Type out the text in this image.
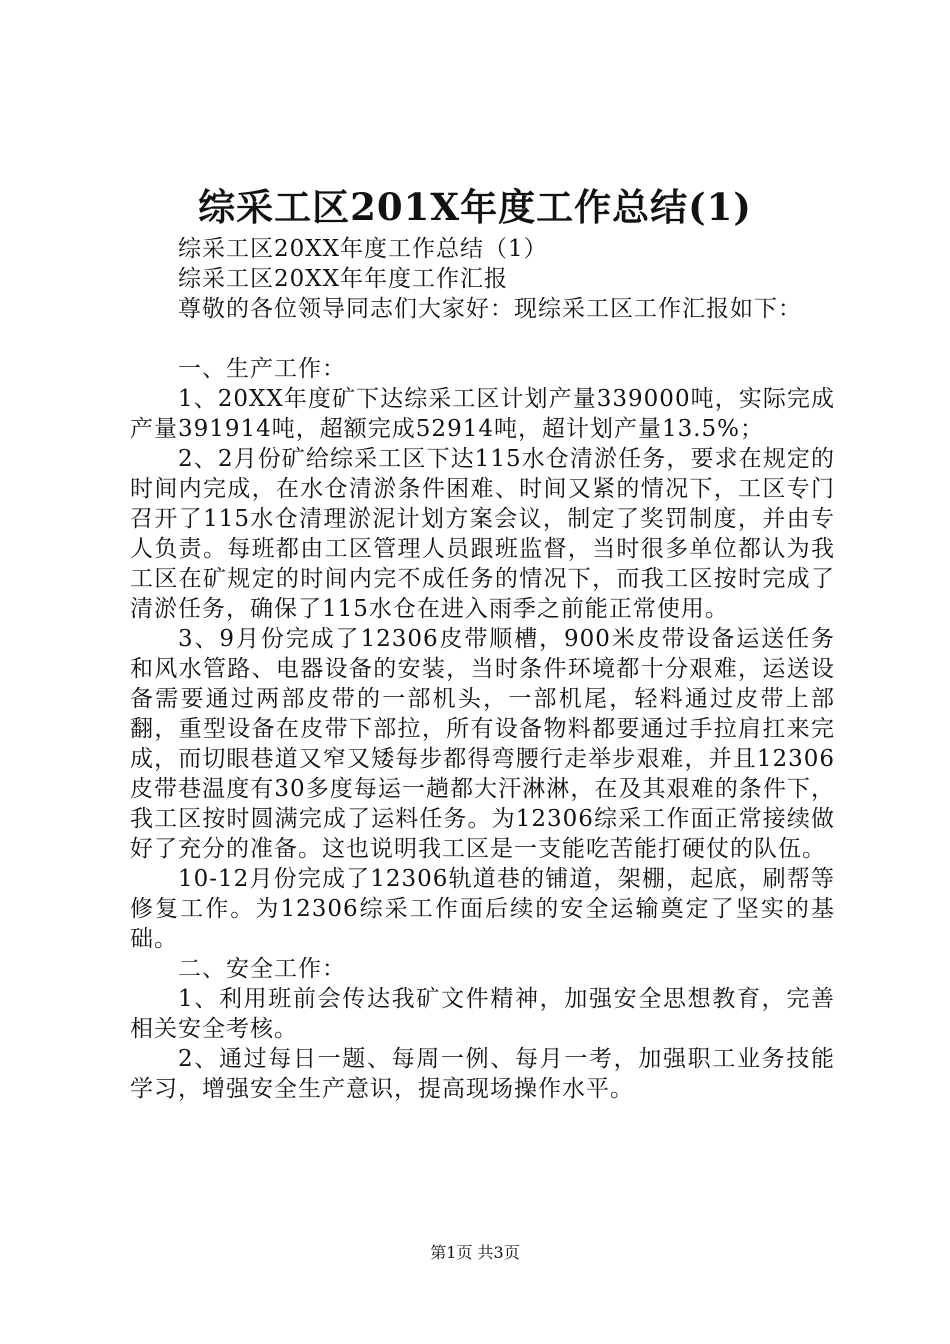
综采工区201X年度工作总结(1)

综采工区20XX年度工作总结（1）

综采工区20XX年年度工作汇报

尊敬的各位领导同志们大家好：现综采工区工作汇报如下：

一、生产工作：

1、20XX年度矿下达综采工区计划产量339000吨，实际完成产量391914吨，超额完成52914吨，超计划产量13.5%；

2、2月份矿给综采工区下达115水仓清淤任务，要求在规定的时间内完成，在水仓清淤条件困难、时间又紧的情况下，工区专门召开了115水仓清理淤泥计划方案会议，制定了奖罚制度，并由专人负责。每班都由工区管理人员跟班监督，当时很多单位都认为我工区在矿规定的时间内完不成任务的情况下，而我工区按时完成了清淤任务，确保了115水仓在进入雨季之前能正常使用。

3、9月份完成了12306皮带顺槽，900米皮带设备运送任务和风水管路、电器设备的安装，当时条件环境都十分艰难，运送设备需要通过两部皮带的一部机头，一部机尾，轻料通过皮带上部翻，重型设备在皮带下部拉，所有设备物料都要通过手拉肩扛来完成，而切眼巷道又窄又矮每步都得弯腰行走举步艰难，并且12306皮带巷温度有30多度每运一趟都大汗淋淋，在及其艰难的条件下，我工区按时圆满完成了运料任务。为12306综采工作面正常接续做好了充分的准备。这也说明我工区是一支能吃苦能打硬仗的队伍。

10-12月份完成了12306轨道巷的铺道，架棚，起底，刷帮等修复工作。为12306综采工作面后续的安全运输奠定了坚实的基础。

二、安全工作：

1、利用班前会传达我矿文件精神，加强安全思想教育，完善相关安全考核。

2、通过每日一题、每周一例、每月一考，加强职工业务技能学习，增强安全生产意识，提高现场操作水平。

第1页 共3页
